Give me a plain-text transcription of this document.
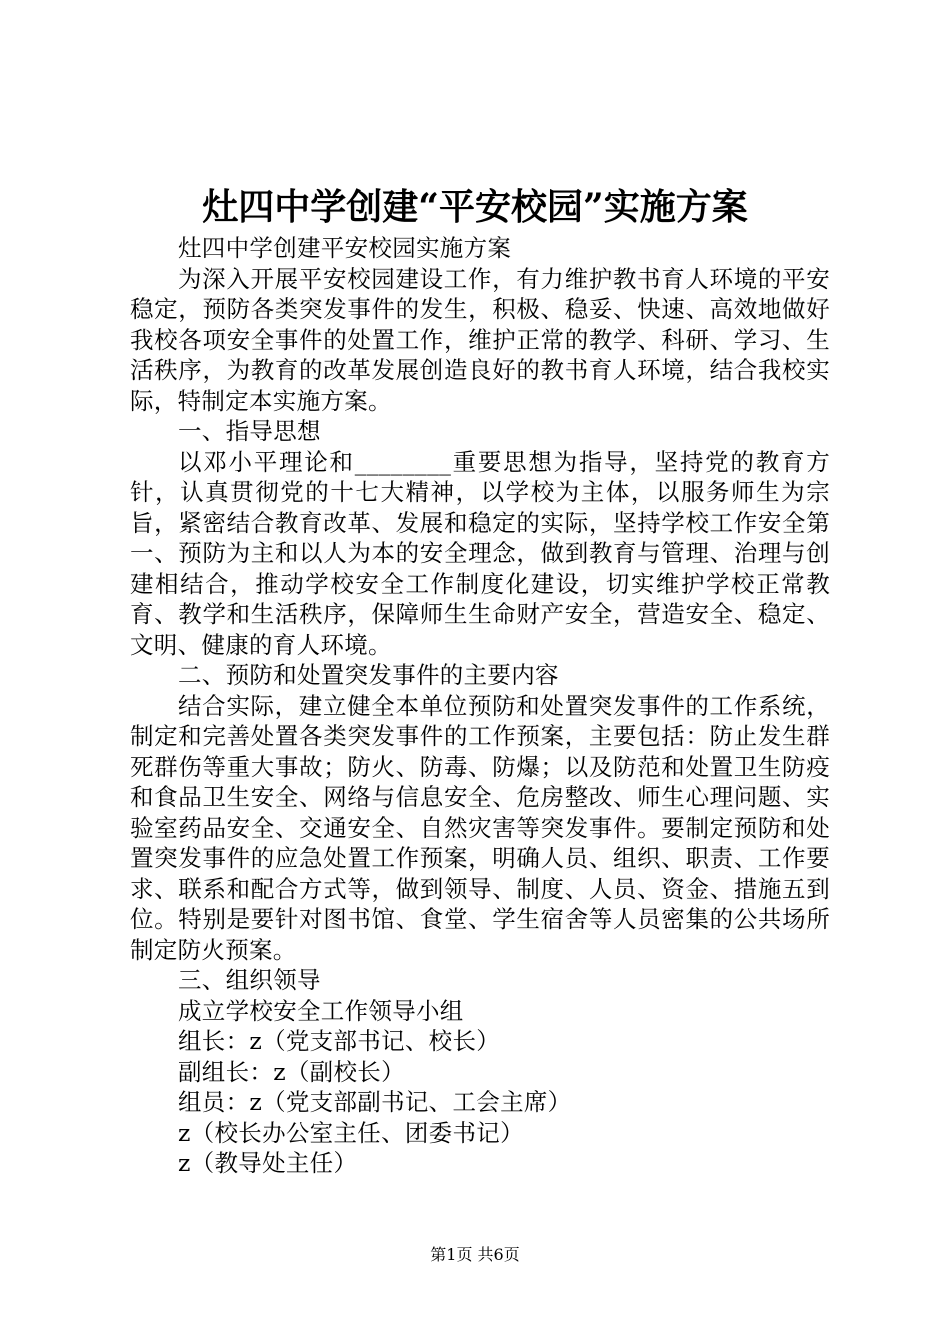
灶四中学创建“平安校园”实施方案

灶四中学创建平安校园实施方案

为深入开展平安校园建设工作，有力维护教书育人环境的平安稳定，预防各类突发事件的发生，积极、稳妥、快速、高效地做好我校各项安全事件的处置工作，维护正常的教学、科研、学习、生活秩序，为教育的改革发展创造良好的教书育人环境，结合我校实际，特制定本实施方案。

一、指导思想

以邓小平理论和________重要思想为指导，坚持党的教育方针，认真贯彻党的十七大精神，以学校为主体，以服务师生为宗旨，紧密结合教育改革、发展和稳定的实际，坚持学校工作安全第一、预防为主和以人为本的安全理念，做到教育与管理、治理与创建相结合，推动学校安全工作制度化建设，切实维护学校正常教育、教学和生活秩序，保障师生生命财产安全，营造安全、稳定、文明、健康的育人环境。

二、预防和处置突发事件的主要内容

结合实际，建立健全本单位预防和处置突发事件的工作系统，制定和完善处置各类突发事件的工作预案，主要包括：防止发生群死群伤等重大事故；防火、防毒、防爆；以及防范和处置卫生防疫和食品卫生安全、网络与信息安全、危房整改、师生心理问题、实验室药品安全、交通安全、自然灾害等突发事件。要制定预防和处置突发事件的应急处置工作预案，明确人员、组织、职责、工作要求、联系和配合方式等，做到领导、制度、人员、资金、措施五到位。特别是要针对图书馆、食堂、学生宿舍等人员密集的公共场所制定防火预案。

三、组织领导

成立学校安全工作领导小组

组长：z（党支部书记、校长）

副组长：z（副校长）

组员：z（党支部副书记、工会主席）

z（校长办公室主任、团委书记）

z（教导处主任）

第1页 共6页
